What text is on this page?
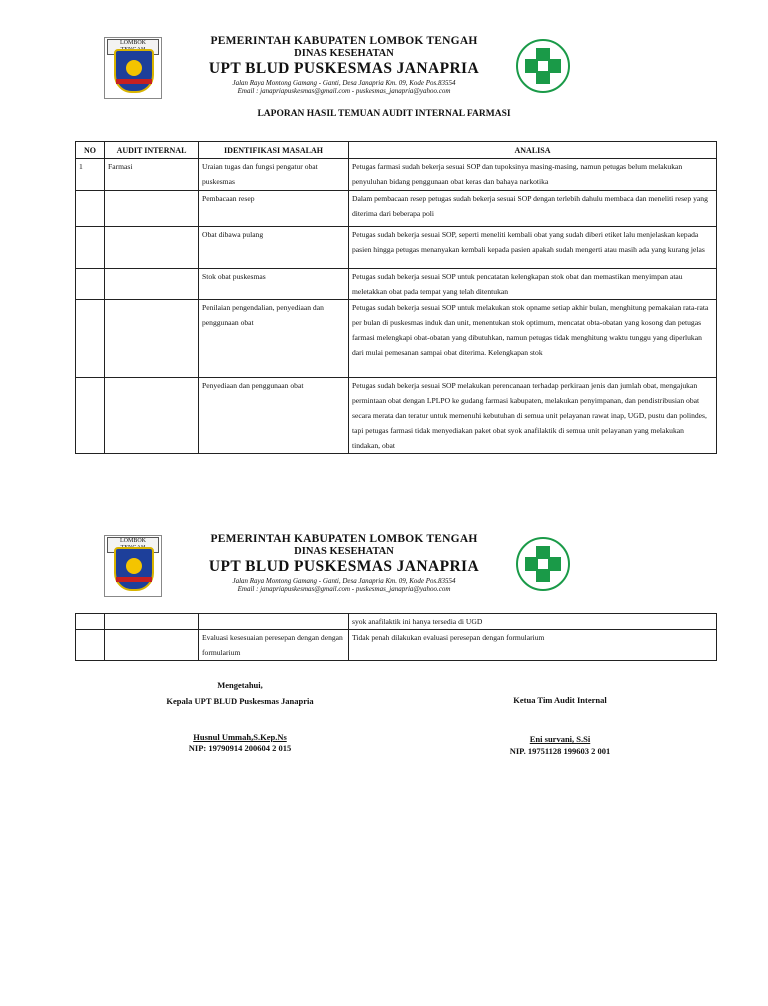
LOMBOK	PEMERINTAH KABUPATEN LOMBOK TENGAH
DINAS KESEHATAN
UPT BLUD PUSKESMAS JANAPRIA
Jalan Raya Montong Gamang - Ganti, Desa Janapria Km. 09, Kode Pos.83554
Email : janapriapuskesmas@gmail.com - puskesmas_janapria@yahoo.com
LAPORAN HASIL TEMUAN AUDIT INTERNAL FARMASI
NO	AUDIT INTERNAL	IDENTIFIKASI MASALAH	ANALISA
1	Farmasi	Uraian tugas dan fungsi pengatur obat puskesmas	Petugas farmasi sudah bekerja sesuai SOP dan tupoksinya masing-masing, namun petugas belum melakukan penyuluhan bidang penggunaan obat keras dan bahaya narkotika
		Pembacaan resep	Dalam pembacaan resep petugas sudah bekerja sesuai SOP dengan terlebih dahulu membaca dan meneliti resep yang diterima dari beberapa poli
		Obat dibawa pulang	Petugas sudah bekerja sesuai SOP, seperti meneliti kembali obat yang sudah diberi etiket lalu menjelaskan kepada pasien hingga petugas menanyakan kembali kepada pasien apakah sudah mengerti atau masih ada yang kurang jelas
		Stok obat puskesmas	Petugas sudah bekerja sesuai SOP untuk pencatatan kelengkapan stok obat dan memastikan menyimpan atau meletakkan obat pada tempat yang telah ditentukan
		Penilaian pengendalian, penyediaan dan penggunaan obat	Petugas sudah bekerja sesuai SOP untuk melakukan stok opname setiap akhir bulan, menghitung pemakaian rata-rata per bulan di puskesmas induk dan unit, menentukan stok optimum, mencatat obta-obatan yang kosong dan petugas farmasi melengkapi obat-obatan yang dibutuhkan, namun petugas tidak menghitung waktu tunggu yang diperlukan dari mulai pemesanan sampai obat diterima. Kelengkapan stok
		Penyediaan dan penggunaan obat	Petugas sudah bekerja sesuai SOP melakukan perencanaan terhadap perkiraan jenis dan jumlah obat, mengajukan permintaan obat dengan LPLPO ke gudang farmasi kabupaten, melakukan penyimpanan, dan pendistribusian obat secara merata dan teratur untuk memenuhi kebutuhan di semua unit pelayanan rawat inap, UGD, pustu dan polindes, tapi petugas farmasi tidak menyediakan paket obat syok anafilaktik di semua unit pelayanan yang melakukan tindakan, obat
LOMBOK	PEMERINTAH KABUPATEN LOMBOK TENGAH
DINAS KESEHATAN
UPT BLUD PUSKESMAS JANAPRIA
Jalan Raya Montong Gamang - Ganti, Desa Janapria Km. 09, Kode Pos.83554
Email : janapriapuskesmas@gmail.com - puskesmas_janapria@yahoo.com
			syok anafilaktik ini hanya tersedia di UGD
		Evaluasi kesesuaian peresepan dengan dengan formularium	Tidak penah dilakukan evaluasi peresepan dengan formularium
Mengetahui,
Kepala UPT BLUD Puskesmas Janapria
Husnul Ummah,S.Kep.Ns
NIP: 19790914 200604 2 015
Ketua Tim Audit Internal
Eni survani, S.Si
NIP. 19751128 199603 2 001
